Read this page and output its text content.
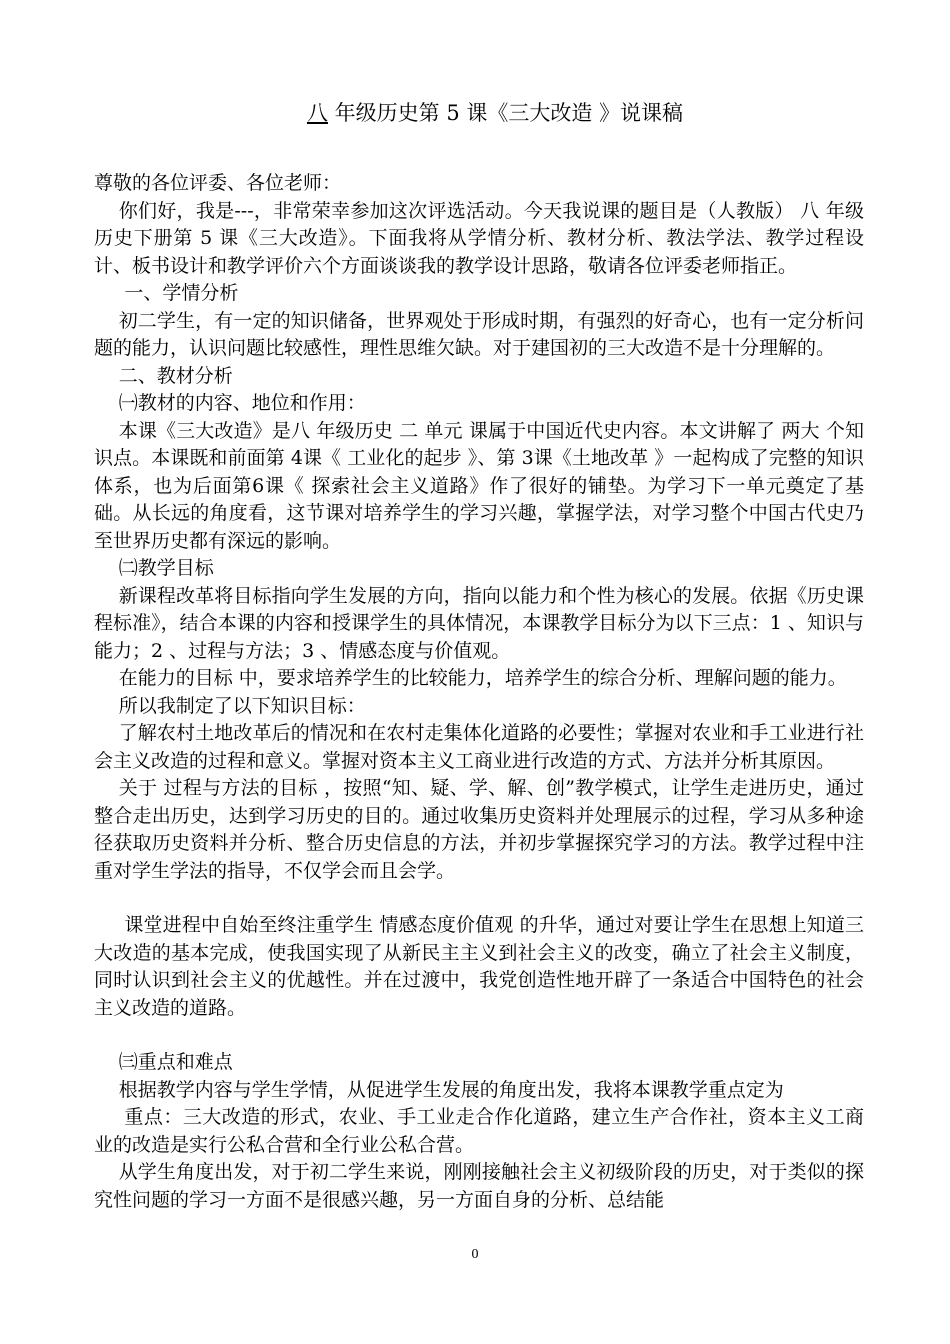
八 年级历史第 5 课《三大改造 》说课稿

尊敬的各位评委、各位老师：

你们好，我是---，非常荣幸参加这次评选活动。今天我说课的题目是（人教版） 八 年级历史下册第 5 课《三大改造》。下面我将从学情分析、教材分析、教法学法、教学过程设计、板书设计和教学评价六个方面谈谈我的教学设计思路，敬请各位评委老师指正。

一、学情分析

初二学生，有一定的知识储备，世界观处于形成时期，有强烈的好奇心，也有一定分析问题的能力，认识问题比较感性，理性思维欠缺。对于建国初的三大改造不是十分理解的。

二、教材分析

㈠教材的内容、地位和作用：

本课《三大改造》是八 年级历史 二 单元 课属于中国近代史内容。本文讲解了 两大 个知识点。本课既和前面第 4课《 工业化的起步 》、第 3课《土地改革 》一起构成了完整的知识体系，也为后面第6课《 探索社会主义道路》作了很好的铺垫。为学习下一单元奠定了基础。从长远的角度看，这节课对培养学生的学习兴趣，掌握学法，对学习整个中国古代史乃至世界历史都有深远的影响。

㈡教学目标

新课程改革将目标指向学生发展的方向，指向以能力和个性为核心的发展。依据《历史课程标准》，结合本课的内容和授课学生的具体情况，本课教学目标分为以下三点：1 、知识与能力；2 、过程与方法；3 、情感态度与价值观。

在能力的目标 中，要求培养学生的比较能力，培养学生的综合分析、理解问题的能力。

所以我制定了以下知识目标：

了解农村土地改革后的情况和在农村走集体化道路的必要性；掌握对农业和手工业进行社会主义改造的过程和意义。掌握对资本主义工商业进行改造的方式、方法并分析其原因。

关于 过程与方法的目标 ，按照“知、疑、学、解、创”教学模式，让学生走进历史，通过整合走出历史，达到学习历史的目的。通过收集历史资料并处理展示的过程，学习从多种途径获取历史资料并分析、整合历史信息的方法，并初步掌握探究学习的方法。教学过程中注重对学生学法的指导，不仅学会而且会学。

课堂进程中自始至终注重学生 情感态度价值观 的升华，通过对要让学生在思想上知道三大改造的基本完成，使我国实现了从新民主主义到社会主义的改变，确立了社会主义制度，同时认识到社会主义的优越性。并在过渡中，我党创造性地开辟了一条适合中国特色的社会主义改造的道路。

㈢重点和难点

根据教学内容与学生学情，从促进学生发展的角度出发，我将本课教学重点定为

重点：三大改造的形式，农业、手工业走合作化道路，建立生产合作社，资本主义工商业的改造是实行公私合营和全行业公私合营。

从学生角度出发，对于初二学生来说，刚刚接触社会主义初级阶段的历史，对于类似的探究性问题的学习一方面不是很感兴趣，另一方面自身的分析、总结能

0
